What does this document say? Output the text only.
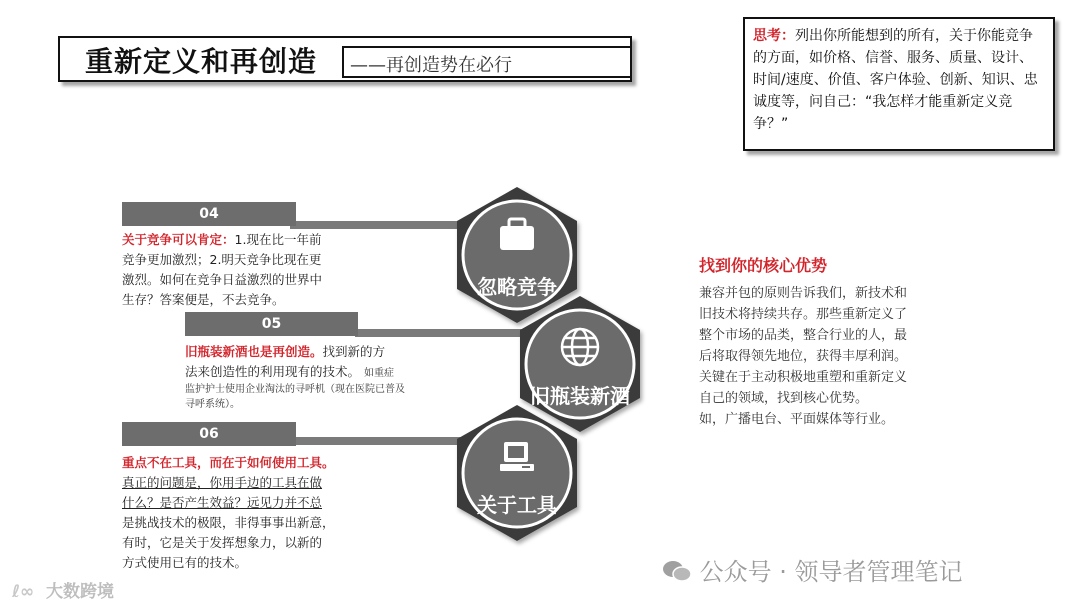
重新定义和再创造 ——再创造势在必行
思考：列出你所能想到的所有，关于你能竞争的方面，如价格、信誉、服务、质量、设计、时间/速度、价值、客户体验、创新、知识、忠诚度等，问自己：“我怎样才能重新定义竞争？”
忽略竞争
旧瓶装新酒
关于工具
04
关于竞争可以肯定：1.现在比一年前
竞争更加激烈；2.明天竞争比现在更
激烈。如何在竞争日益激烈的世界中
生存？答案便是，不去竞争。
05
旧瓶装新酒也是再创造。找到新的方
法来创造性的利用现有的技术。 如重症
监护护士使用企业淘汰的寻呼机（现在医院已普及
寻呼系统）。
06
重点不在工具，而在于如何使用工具。
真正的问题是，你用手边的工具在做
什么？是否产生效益？远见力并不总
是挑战技术的极限，非得事事出新意，
有时，它是关于发挥想象力，以新的
方式使用已有的技术。
找到你的核心优势
兼容并包的原则告诉我们，新技术和
旧技术将持续共存。那些重新定义了
整个市场的品类，整合行业的人，最
后将取得领先地位，获得丰厚利润。
关键在于主动积极地重塑和重新定义
自己的领域，找到核心优势。
如，广播电台、平面媒体等行业。
公众号 · 领导者管理笔记
ℓ∞ 大数跨境
